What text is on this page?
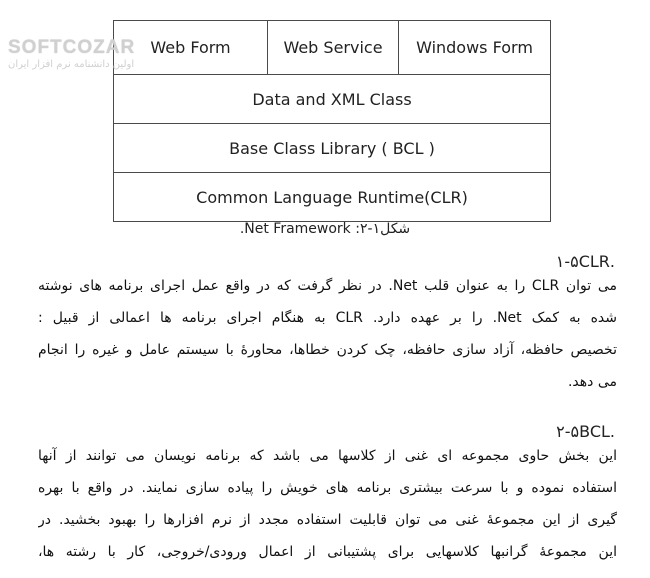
SOFTCOZAR
اولین دانشنامه نرم افزار ایران
Web Form	Web Service	Windows Form
Data and XML Class
Base Class Library ( BCL )
Common Language Runtime(CLR)
شکل۱-۲: Net Framework.
.۱-۵CLR
می توان CLR را به عنوان قلب Net. در نظر گرفت که در واقع عمل اجرای برنامه های نوشته
شده به کمک Net. را بر عهده دارد. CLR به هنگام اجرای برنامه ها اعمالی از قبیل :
تخصیص حافظه، آزاد سازی حافظه، چک کردن خطاها، محاورهٔ با سیستم عامل و غیره را انجام
می دهد.
.۲-۵BCL
این بخش حاوی مجموعه ای غنی از کلاسها می باشد که برنامه نویسان می توانند از آنها
استفاده نموده و با سرعت بیشتری برنامه های خویش را پیاده سازی نمایند. در واقع با بهره
گیری از این مجموعهٔ غنی می توان قابلیت استفاده مجدد از نرم افزارها را بهبود بخشید. در
این مجموعهٔ گرانبها کلاسهایی برای پشتیبانی از اعمال ورودی/خروجی، کار با رشته ها،
